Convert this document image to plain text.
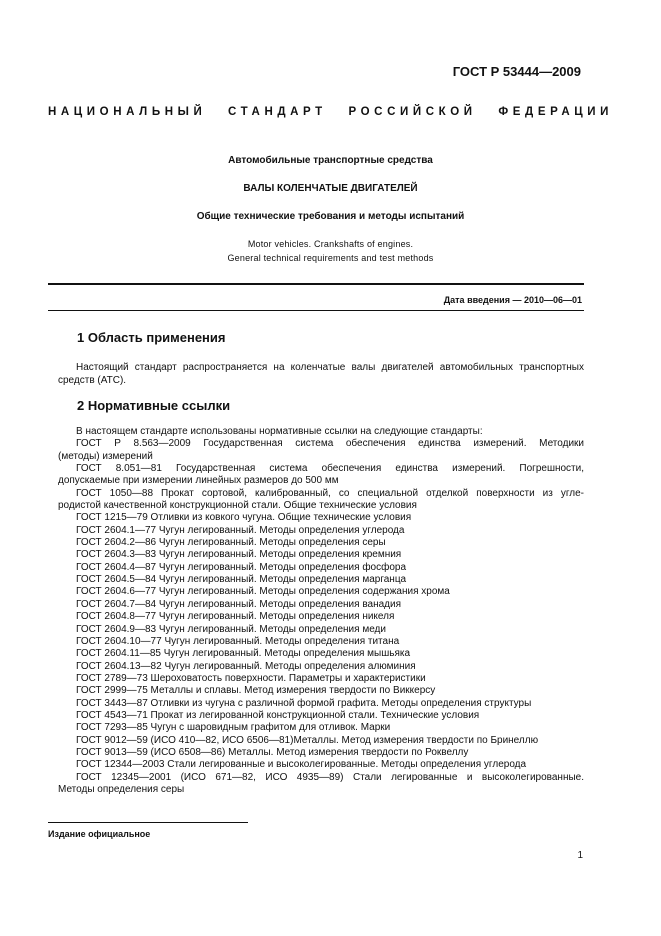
ГОСТ Р 53444—2009
НАЦИОНАЛЬНЫЙ СТАНДАРТ РОССИЙСКОЙ ФЕДЕРАЦИИ
Автомобильные транспортные средства
ВАЛЫ КОЛЕНЧАТЫЕ ДВИГАТЕЛЕЙ
Общие технические требования и методы испытаний
Motor vehicles. Crankshafts of engines.
General technical requirements and test methods
Дата введения — 2010—06—01
1 Область применения
Настоящий стандарт распространяется на коленчатые валы двигателей автомобильных транспортных средств (АТС).
2 Нормативные ссылки
В настоящем стандарте использованы нормативные ссылки на следующие стандарты:
ГОСТ Р 8.563—2009 Государственная система обеспечения единства измерений. Методики
(методы) измерений
ГОСТ 8.051—81 Государственная система обеспечения единства измерений. Погрешности,
допускаемые при измерении линейных размеров до 500 мм
ГОСТ 1050—88 Прокат сортовой, калиброванный, со специальной отделкой поверхности из угле-
родистой качественной конструкционной стали. Общие технические условия
ГОСТ 1215—79 Отливки из ковкого чугуна. Общие технические условия
ГОСТ 2604.1—77 Чугун легированный. Методы определения углерода
ГОСТ 2604.2—86 Чугун легированный. Методы определения серы
ГОСТ 2604.3—83 Чугун легированный. Методы определения кремния
ГОСТ 2604.4—87 Чугун легированный. Методы определения фосфора
ГОСТ 2604.5—84 Чугун легированный. Методы определения марганца
ГОСТ 2604.6—77 Чугун легированный. Методы определения содержания хрома
ГОСТ 2604.7—84 Чугун легированный. Методы определения ванадия
ГОСТ 2604.8—77 Чугун легированный. Методы определения никеля
ГОСТ 2604.9—83 Чугун легированный. Методы определения меди
ГОСТ 2604.10—77 Чугун легированный. Методы определения титана
ГОСТ 2604.11—85 Чугун легированный. Методы определения мышьяка
ГОСТ 2604.13—82 Чугун легированный. Методы определения алюминия
ГОСТ 2789—73 Шероховатость поверхности. Параметры и характеристики
ГОСТ 2999—75 Металлы и сплавы. Метод измерения твердости по Виккерсу
ГОСТ 3443—87 Отливки из чугуна с различной формой графита. Методы определения структуры
ГОСТ 4543—71 Прокат из легированной конструкционной стали. Технические условия
ГОСТ 7293—85 Чугун с шаровидным графитом для отливок. Марки
ГОСТ 9012—59 (ИСО 410—82, ИСО 6506—81)Металлы. Метод измерения твердости по Бринеллю
ГОСТ 9013—59 (ИСО 6508—86) Металлы. Метод измерения твердости по Роквеллу
ГОСТ 12344—2003 Стали легированные и высоколегированные. Методы определения углерода
ГОСТ 12345—2001 (ИСО 671—82, ИСО 4935—89) Стали легированные и высоколегированные.
Методы определения серы
Издание официальное
1
